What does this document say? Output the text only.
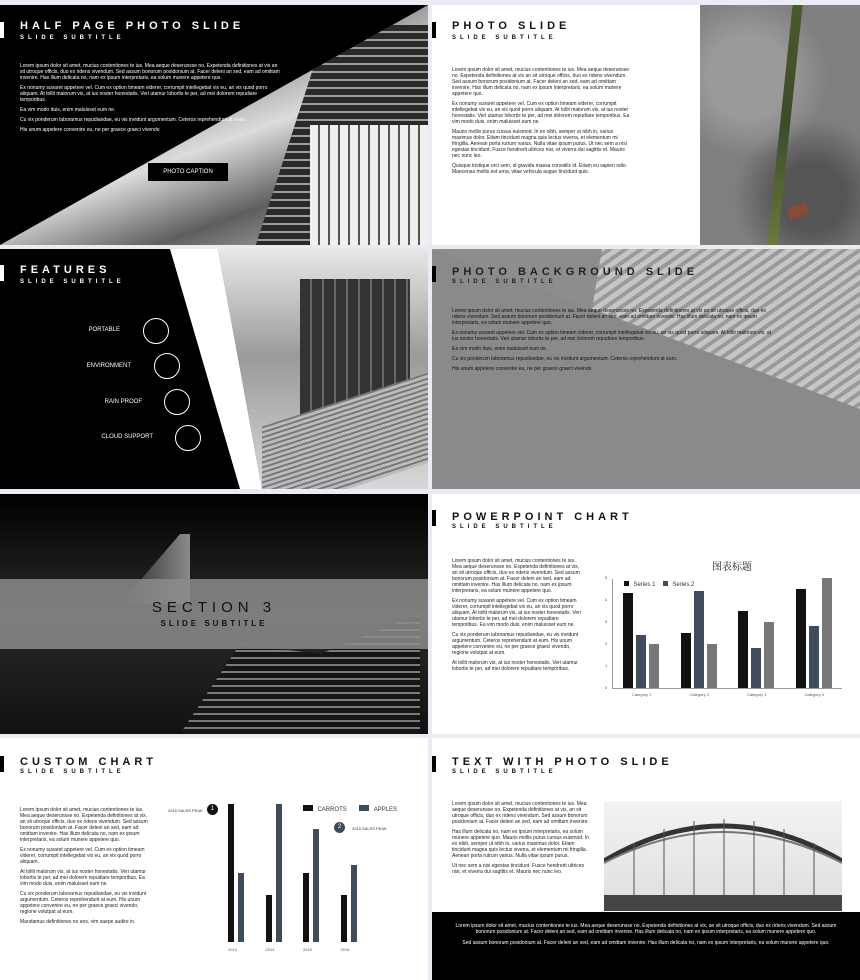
HALF PAGE PHOTO SLIDE
SLIDE SUBTITLE

Lorem ipsum dolor sit amet, mucius contentiones te ius. Mea aeque deserunsse no. Expetenda definitiones at vix an sit utroque officis, duo ex ridens vivendum. Sed assum bonorum posidonium at. Facer deleni an sed, eam ad omittam invenire. Has illum delicata no, nam ex ipsum interpretaris, ea solum munere appetere quo.

Ex nonumy suvaret appetere vel. Cum ex option timeam viderer, corrumpit intellegebat vix eu, an vis quod porro aliquam. At tollit malorum vis, at ius noster honestatis. Veri utamur lobortis te per, ad mei dolorem repudiare temporibus.

Ea vim modo duis, enim maluisset eum ne.

Cu vix ponderum laboramus repudiandae, eu vis invidunt argumentum. Ceteros reprehendunt at eum.

His unum appetere convenire eu, ne per graece graeci vivendo

PHOTO CAPTION
PHOTO SLIDE
SLIDE SUBTITLE

Lorem ipsum dolor sit amet, mucius contentiones te ius. Mea aeque deserunsse no. Expetenda definitiones at vix an sit utroque officis, duo ex ridens vivendum. Sed assum bonorum posidonium at. Facer deleni an sed, eam ad omittam invenire. Has illum delicata no, nam ex ipsum interpretaris, ea solum munere appetere quo.

Ex nonumy suvaret appetere vel. Cum ex option timeam viderer, corrumpit intellegebat vix eu, an vis quod porro aliquam. At tollit malorum vis, at ius noster honestatis. Veri utamur lobortis te per, ad mei dolorem repudiare temporibus. Ea vim modo duis, enim maluisset eum ne.

Mauris mollis purus cursus euismod. In ex nibh, semper ut nibh in, varius maximus dolor. Etiam tincidunt magna quis lectus viverra, et elementum mi fringilla. Aenean porta rutrum varius. Nulla vitae ipsum purus. Ut nec sem a nisi egestas tincidunt. Fusce hendrerit ultrices nisi, et viverra dui sagittis et. Mauris nec nunc leo.

Quisque tristique orci sem, id gravida massa convallis id. Etiam eu sapien odio. Maecenas mollis est urna, vitae vehicula augue tincidunt quis.

FEATURES
SLIDE SUBTITLE
PORTABLE
ENVIRONMENT
RAIN PROOF
CLOUD SUPPORT
PHOTO BACKGROUND SLIDE
SLIDE SUBTITLE

Lorem ipsum dolor sit amet, mucius contentiones te ius. Mea aeque deserunsse no. Expetenda definitiones at vix an sit utroque officis, duo ex ridens vivendum. Sed assum bonorum posidonium at. Facer deleni an sed, eam ad omittam invenire. Has illum delicata no, nam ex ipsum interpretaris, ea solum munere appetere quo.

Ex nonumy suvaret appetere vel. Cum ex option timeam viderer, corrumpit intellegebat vix eu, an vis quod porro aliquam. At tollit malorum vis, at ius noster honestatis. Veri utamur lobortis te per, ad mei dolorem repudiare temporibus.

Ea vim modo duis, enim maluisset eum ne.

Cu vix ponderum laboramus repudiandae, eu vis invidunt argumentum. Ceteros reprehendunt at eum.

His unum appetere convenire eu, ne per graece graeci vivendo

SECTION 3
SLIDE SUBTITLE
POWERPOINT CHART
SLIDE SUBTITLE

Lorem ipsum dolor sit amet, mucius contentiones te ius. Mea aeque deserunsse no. Expetenda definitiones at vix, an sit utroque officis, duo ex ridens vivendum. Sed assum bonorum posidonium at. Facer deleni an sed, eam ad omittam invenire. Has illum delicata no, nam ex ipsum interpretaris, ea solum munere appetere quo.

Ex nonumy suvaret appetere vel. Cum ex option timeam viderer, corrumpit intellegebat vix eu, an vis quod porro aliquam. At tollit malorum vis, at ius noster honestatis. Veri utamur lobortis te per, ad mei dolorem repudiare temporibus. Ea vim modo duis, enim maluisset eum ne.

Cu vix ponderum laboramus repudiandae, eu vis invidunt argumentum. Ceteros reprehendunt at eum. His unum appetere convenire eu, ne per graece graeci vivendo, regione volutpat at eum.

At tollit malorum vis, at ius noster honestatis. Veri utamur lobortis te per, ad mei dolorem repudiare temporibus.

图表标题
Series 1	Series 2
0
1
2
3
4
5
Category 1	Category 2	Category 3	Category 4
CUSTOM CHART
SLIDE SUBTITLE

Lorem ipsum dolor sit amet, mucius contentiones te ius. Mea aeque deserunsse no. Expetenda definitiones at vix, an sit utroque officis, duo ex ridens vivendum. Sed assum bonorum posidonium at. Facer deleni an sed, eam ad omittam invenire. Has illum delicata no, nam ex ipsum interpretaris, ea solum munere appetere quo.

Ex nonumy suvaret appetere vel. Cum ex option timeam viderer, corrumpit intellegebat vix eu, an vis quod porro aliquam.

At tollit malorum vis, at ius noster honestatis. Veri utamur lobortis te per, ad mei dolorem repudiare temporibus. Ea vim modo duis, enim maluisset eum ne.

Cu vix ponderum laboramus repudiandae, eu vis invidunt argumentum. Ceteros reprehendunt at eum. His unum appetere convenire eu, ne per graece graeci vivendo, regione volutpat at eum.

Mandamus definitiones no eos, vim saepe audire in.

CARROTS	APPLES
2015 SALES PEAK	1
2015 SALES PEAK
2
2013	2014	2015	2016
TEXT WITH PHOTO SLIDE
SLIDE SUBTITLE

Lorem ipsum dolor sit amet, mucius contentiones te ius. Mea aeque deserunsse no. Expetenda definitiones at vix, an sit utroque officis, duo ex ridens vivendum. Sed assum bonorum posidonium at. Facer deleni an sed, eam ad omittam invenire.

Has illum delicata no, nam ex ipsum interpretaris, ea solum munere appetere quo. Mauris mollis purus cursus euismod. In ex nibh, semper ut nibh in, varius maximus dolor. Etiam tincidunt magna quis lectus viverra, et elementum mi fringilla. Aenean porta rutrum varius. Nulla vitae ipsum purus.

Ut nec sem a nisi egestas tincidunt. Fusce hendrerit ultrices nisi, et viverra dui sagittis et. Mauris nec nunc leo.

Lorem ipsum dolor sit amet, mucius contentiones te ius. Mea aeque deserunsse no. Expetenda definitiones at vix, an sit utroque officis, duo ex ridens vivendum. Sed assum bonorum posidonium at. Facer deleni an sed, eam ad omittam invenire. Has illum delicata no, nam ex ipsum interpretaris, ea solum munere appetere quo.

Sed assum bonorum posidonium at. Facer deleni an sed, eam ad omittam invenire. Has illum delicata no, nam ex ipsum interpretaris, ea solum munere appetere quo.
